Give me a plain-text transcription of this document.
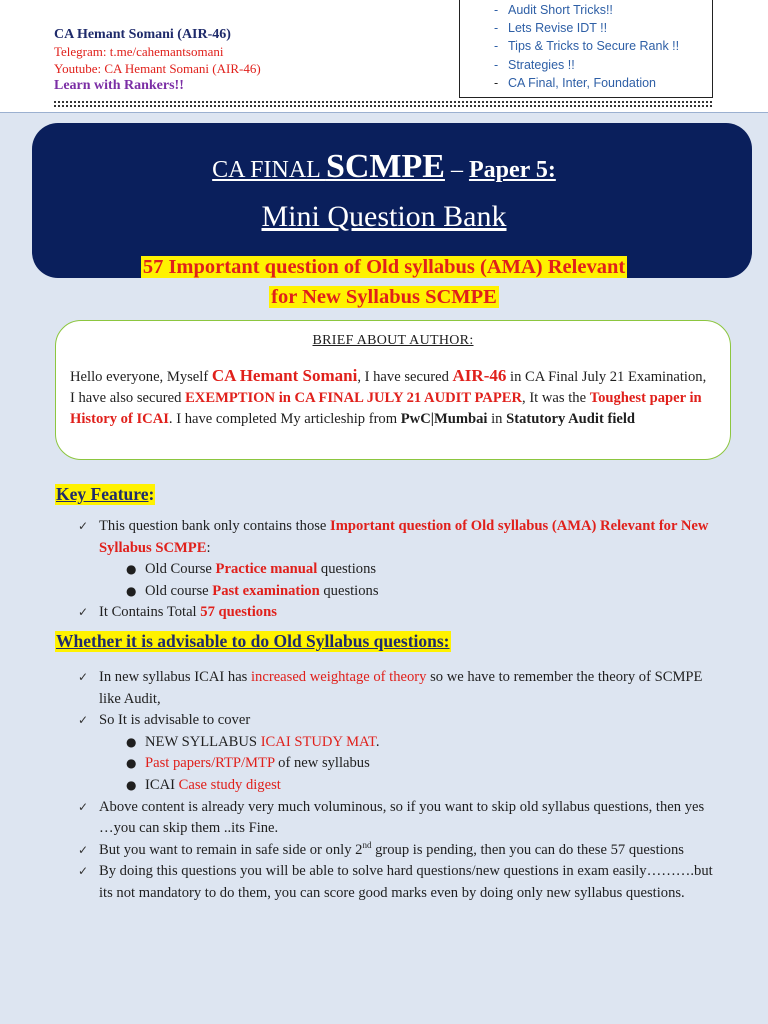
CA Hemant Somani (AIR-46)
Telegram: t.me/cahemantsomani
Youtube: CA Hemant Somani (AIR-46)
Learn with Rankers!!
- Audit Short Tricks!!
- Lets Revise IDT !!
- Tips & Tricks to Secure Rank !!
- Strategies !!
- CA Final, Inter, Foundation
CA FINAL SCMPE – Paper 5:
Mini Question Bank
57 Important question of Old syllabus (AMA) Relevant
for New Syllabus SCMPE
BRIEF ABOUT AUTHOR:
Hello everyone, Myself CA Hemant Somani, I have secured AIR-46 in CA Final July 21 Examination, I have also secured EXEMPTION in CA FINAL JULY 21 AUDIT PAPER, It was the Toughest paper in History of ICAI. I have completed My articleship from PwC|Mumbai in Statutory Audit field
Key Feature:
✓ This question bank only contains those Important question of Old syllabus (AMA) Relevant for New Syllabus SCMPE:
● Old Course Practice manual questions
● Old course Past examination questions
✓ It Contains Total 57 questions
Whether it is advisable to do Old Syllabus questions:
✓ In new syllabus ICAI has increased weightage of theory so we have to remember the theory of SCMPE like Audit,
✓ So It is advisable to cover
● NEW SYLLABUS ICAI STUDY MAT.
● Past papers/RTP/MTP of new syllabus
● ICAI Case study digest
✓ Above content is already very much voluminous, so if you want to skip old syllabus questions, then yes …you can skip them ..its Fine.
✓ But you want to remain in safe side or only 2nd group is pending, then you can do these 57 questions
✓ By doing this questions you will be able to solve hard questions/new questions in exam easily……….but its not mandatory to do them, you can score good marks even by doing only new syllabus questions.
